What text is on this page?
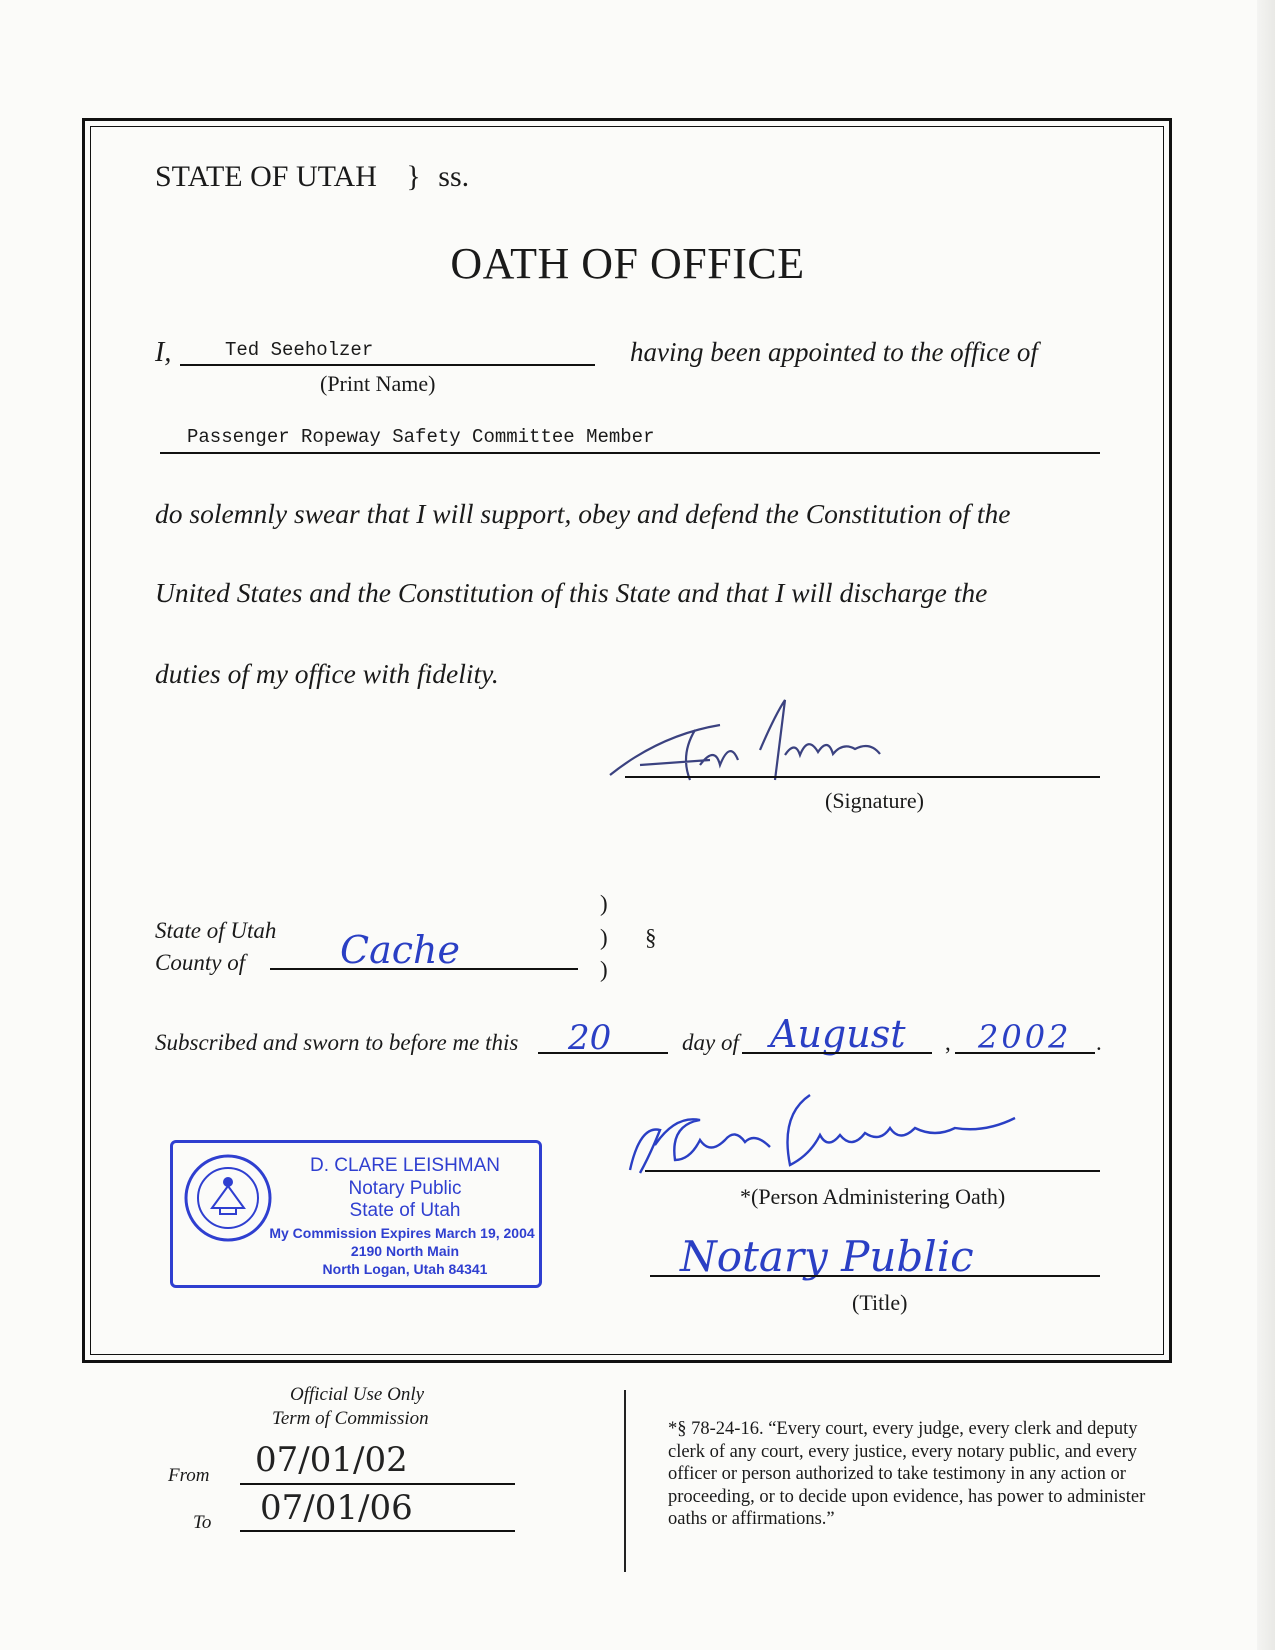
STATE OF UTAH } ss.
OATH OF OFFICE
I,	Ted Seeholzer
(Print Name)
having been appointed to the office of
Passenger Ropeway Safety Committee Member
do solemnly swear that I will support, obey and defend the Constitution of the
United States and the Constitution of this State and that I will discharge the
duties of my office with fidelity.
(Signature)
State of Utah
County of Cache
)
)
)
§
Subscribed and sworn to before me this 20	day of August , 2002 .
*(Person Administering Oath)
Notary Public
(Title)
D. CLARE LEISHMAN
Notary Public
State of Utah
My Commission Expires March 19, 2004
2190 North Main
North Logan, Utah 84341
Official Use Only
Term of Commission
From 07/01/02
To 07/01/06
*§ 78-24-16. “Every court, every judge, every clerk and deputy clerk of any court, every justice, every notary public, and every officer or person authorized to take testimony in any action or proceeding, or to decide upon evidence, has power to administer oaths or affirmations.”
